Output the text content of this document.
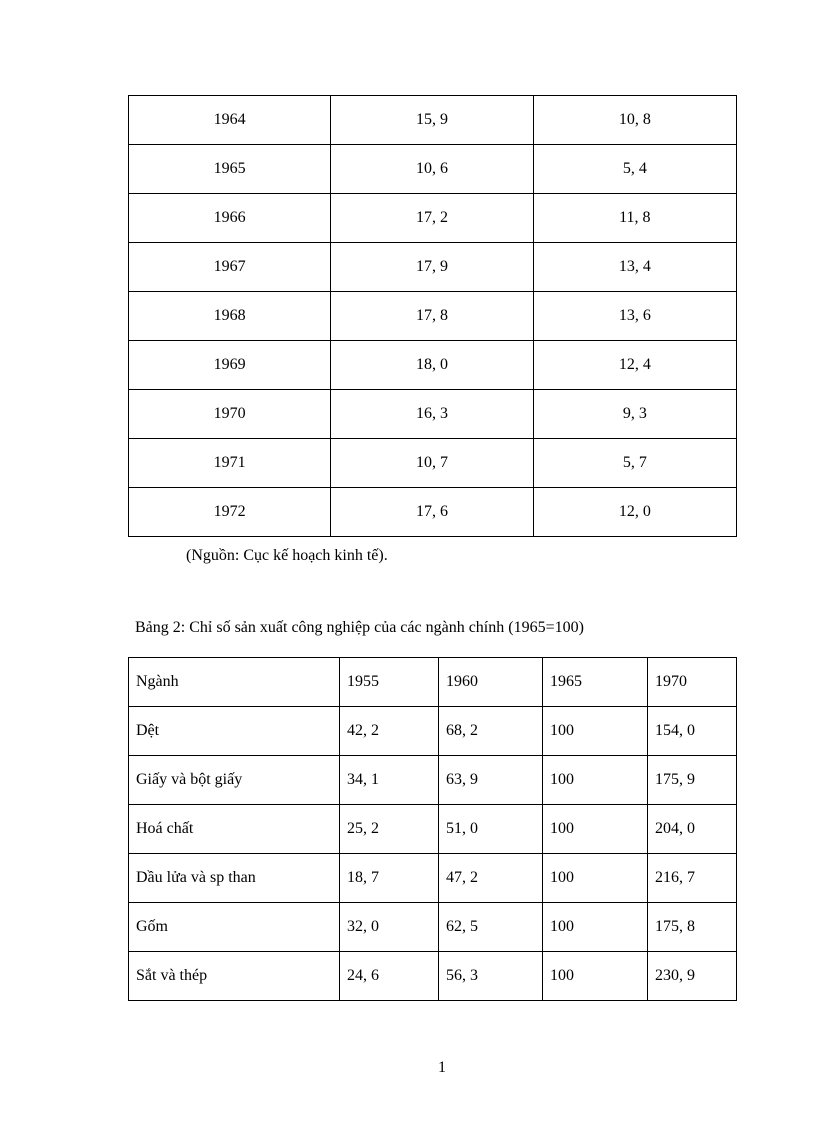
1964	15, 9	10, 8
1965	10, 6	5, 4
1966	17, 2	11, 8
1967	17, 9	13, 4
1968	17, 8	13, 6
1969	18, 0	12, 4
1970	16, 3	9, 3
1971	10, 7	5, 7
1972	17, 6	12, 0
(Nguồn: Cục kế hoạch kinh tế).
Bảng 2: Chỉ số sản xuất công nghiệp của các ngành chính (1965=100)
Ngành	1955	1960	1965	1970
Dệt	42, 2	68, 2	100	154, 0
Giấy và bột giấy	34, 1	63, 9	100	175, 9
Hoá chất	25, 2	51, 0	100	204, 0
Dầu lửa và sp than	18, 7	47, 2	100	216, 7
Gốm	32, 0	62, 5	100	175, 8
Sắt và thép	24, 6	56, 3	100	230, 9
1
